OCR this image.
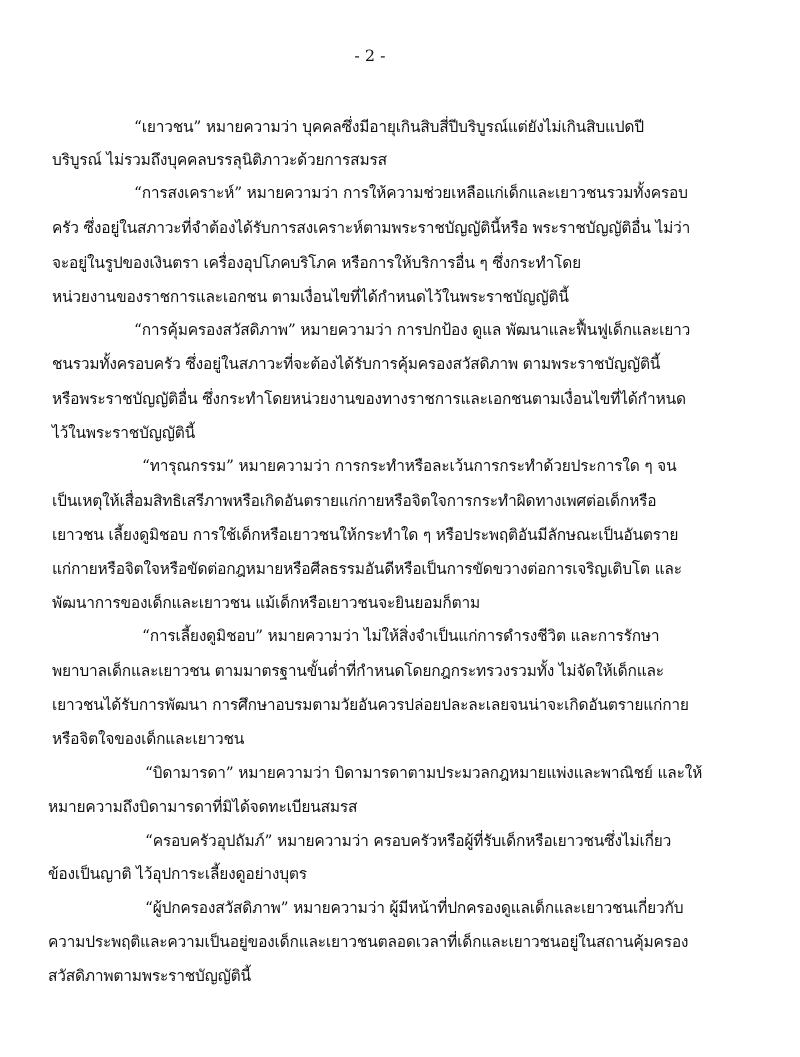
- 2 -
“เยาวชน” หมายความว่า บุคคลซึ่งมีอายุเกินสิบสี่ปีบริบูรณ์แต่ยังไม่เกินสิบแปดปี
บริบูรณ์ ไม่รวมถึงบุคคลบรรลุนิติภาวะด้วยการสมรส
“การสงเคราะห์” หมายความว่า การให้ความช่วยเหลือแก่เด็กและเยาวชนรวมทั้งครอบ
ครัว ซึ่งอยู่ในสภาวะที่จำต้องได้รับการสงเคราะห์ตามพระราชบัญญัตินี้หรือ พระราชบัญญัติอื่น ไม่ว่า
จะอยู่ในรูปของเงินตรา เครื่องอุปโภคบริโภค หรือการให้บริการอื่น ๆ ซึ่งกระทำโดย
หน่วยงานของราชการและเอกชน ตามเงื่อนไขที่ได้กำหนดไว้ในพระราชบัญญัตินี้
“การคุ้มครองสวัสดิภาพ” หมายความว่า การปกป้อง ดูแล พัฒนาและฟื้นฟูเด็กและเยาว
ชนรวมทั้งครอบครัว ซึ่งอยู่ในสภาวะที่จะต้องได้รับการคุ้มครองสวัสดิภาพ ตามพระราชบัญญัตินี้
หรือพระราชบัญญัติอื่น ซึ่งกระทำโดยหน่วยงานของทางราชการและเอกชนตามเงื่อนไขที่ได้กำหนด
ไว้ในพระราชบัญญัตินี้
“ทารุณกรรม” หมายความว่า การกระทำหรือละเว้นการกระทำด้วยประการใด ๆ จน
เป็นเหตุให้เสื่อมสิทธิเสรีภาพหรือเกิดอันตรายแก่กายหรือจิตใจการกระทำผิดทางเพศต่อเด็กหรือ
เยาวชน เลี้ยงดูมิชอบ การใช้เด็กหรือเยาวชนให้กระทำใด ๆ หรือประพฤติอันมีลักษณะเป็นอันตราย
แก่กายหรือจิตใจหรือขัดต่อกฎหมายหรือศีลธรรมอันดีหรือเป็นการขัดขวางต่อการเจริญเติบโต และ
พัฒนาการของเด็กและเยาวชน แม้เด็กหรือเยาวชนจะยินยอมก็ตาม
“การเลี้ยงดูมิชอบ” หมายความว่า ไม่ให้สิ่งจำเป็นแก่การดำรงชีวิต และการรักษา
พยาบาลเด็กและเยาวชน ตามมาตรฐานขั้นต่ำที่กำหนดโดยกฎกระทรวงรวมทั้ง ไม่จัดให้เด็กและ
เยาวชนได้รับการพัฒนา การศึกษาอบรมตามวัยอันควรปล่อยปละละเลยจนน่าจะเกิดอันตรายแก่กาย
หรือจิตใจของเด็กและเยาวชน
“บิดามารดา” หมายความว่า บิดามารดาตามประมวลกฎหมายแพ่งและพาณิชย์ และให้
หมายความถึงบิดามารดาที่มิได้จดทะเบียนสมรส
“ครอบครัวอุปถัมภ์” หมายความว่า ครอบครัวหรือผู้ที่รับเด็กหรือเยาวชนซึ่งไม่เกี่ยว
ข้องเป็นญาติ ไว้อุปการะเลี้ยงดูอย่างบุตร
“ผู้ปกครองสวัสดิภาพ” หมายความว่า ผู้มีหน้าที่ปกครองดูแลเด็กและเยาวชนเกี่ยวกับ
ความประพฤติและความเป็นอยู่ของเด็กและเยาวชนตลอดเวลาที่เด็กและเยาวชนอยู่ในสถานคุ้มครอง
สวัสดิภาพตามพระราชบัญญัตินี้
